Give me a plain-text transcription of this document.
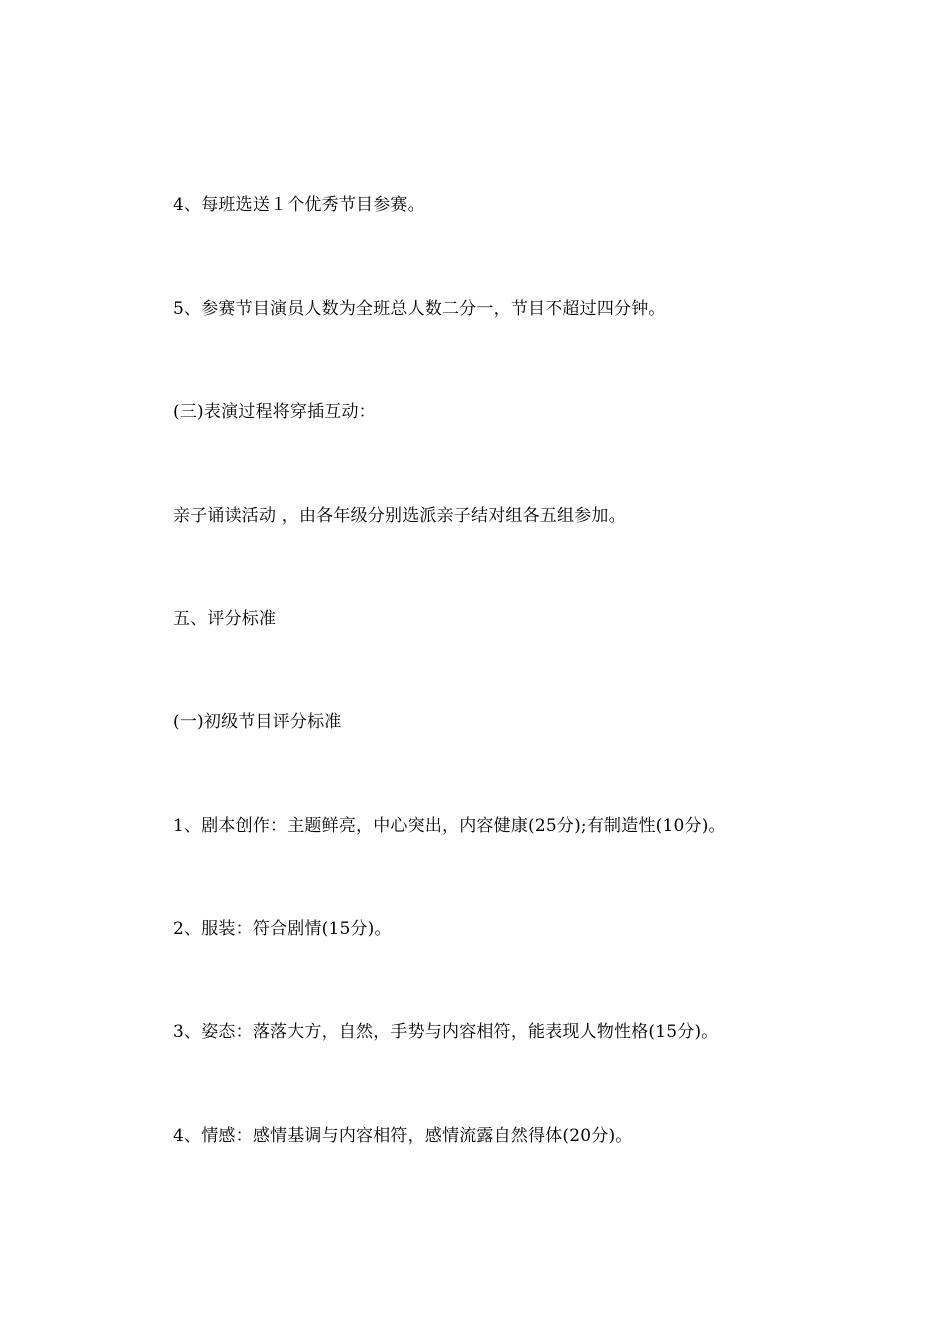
4、每班选送１个优秀节目参赛。
5、参赛节目演员人数为全班总人数二分一，节目不超过四分钟。
(三)表演过程将穿插互动：
亲子诵读活动 ，由各年级分别选派亲子结对组各五组参加。
五、评分标准
(一)初级节目评分标准
1、剧本创作：主题鲜亮，中心突出，内容健康(25分);有制造性(10分)。
2、服装：符合剧情(15分)。
3、姿态：落落大方，自然，手势与内容相符，能表现人物性格(15分)。
4、情感：感情基调与内容相符，感情流露自然得体(20分)。
